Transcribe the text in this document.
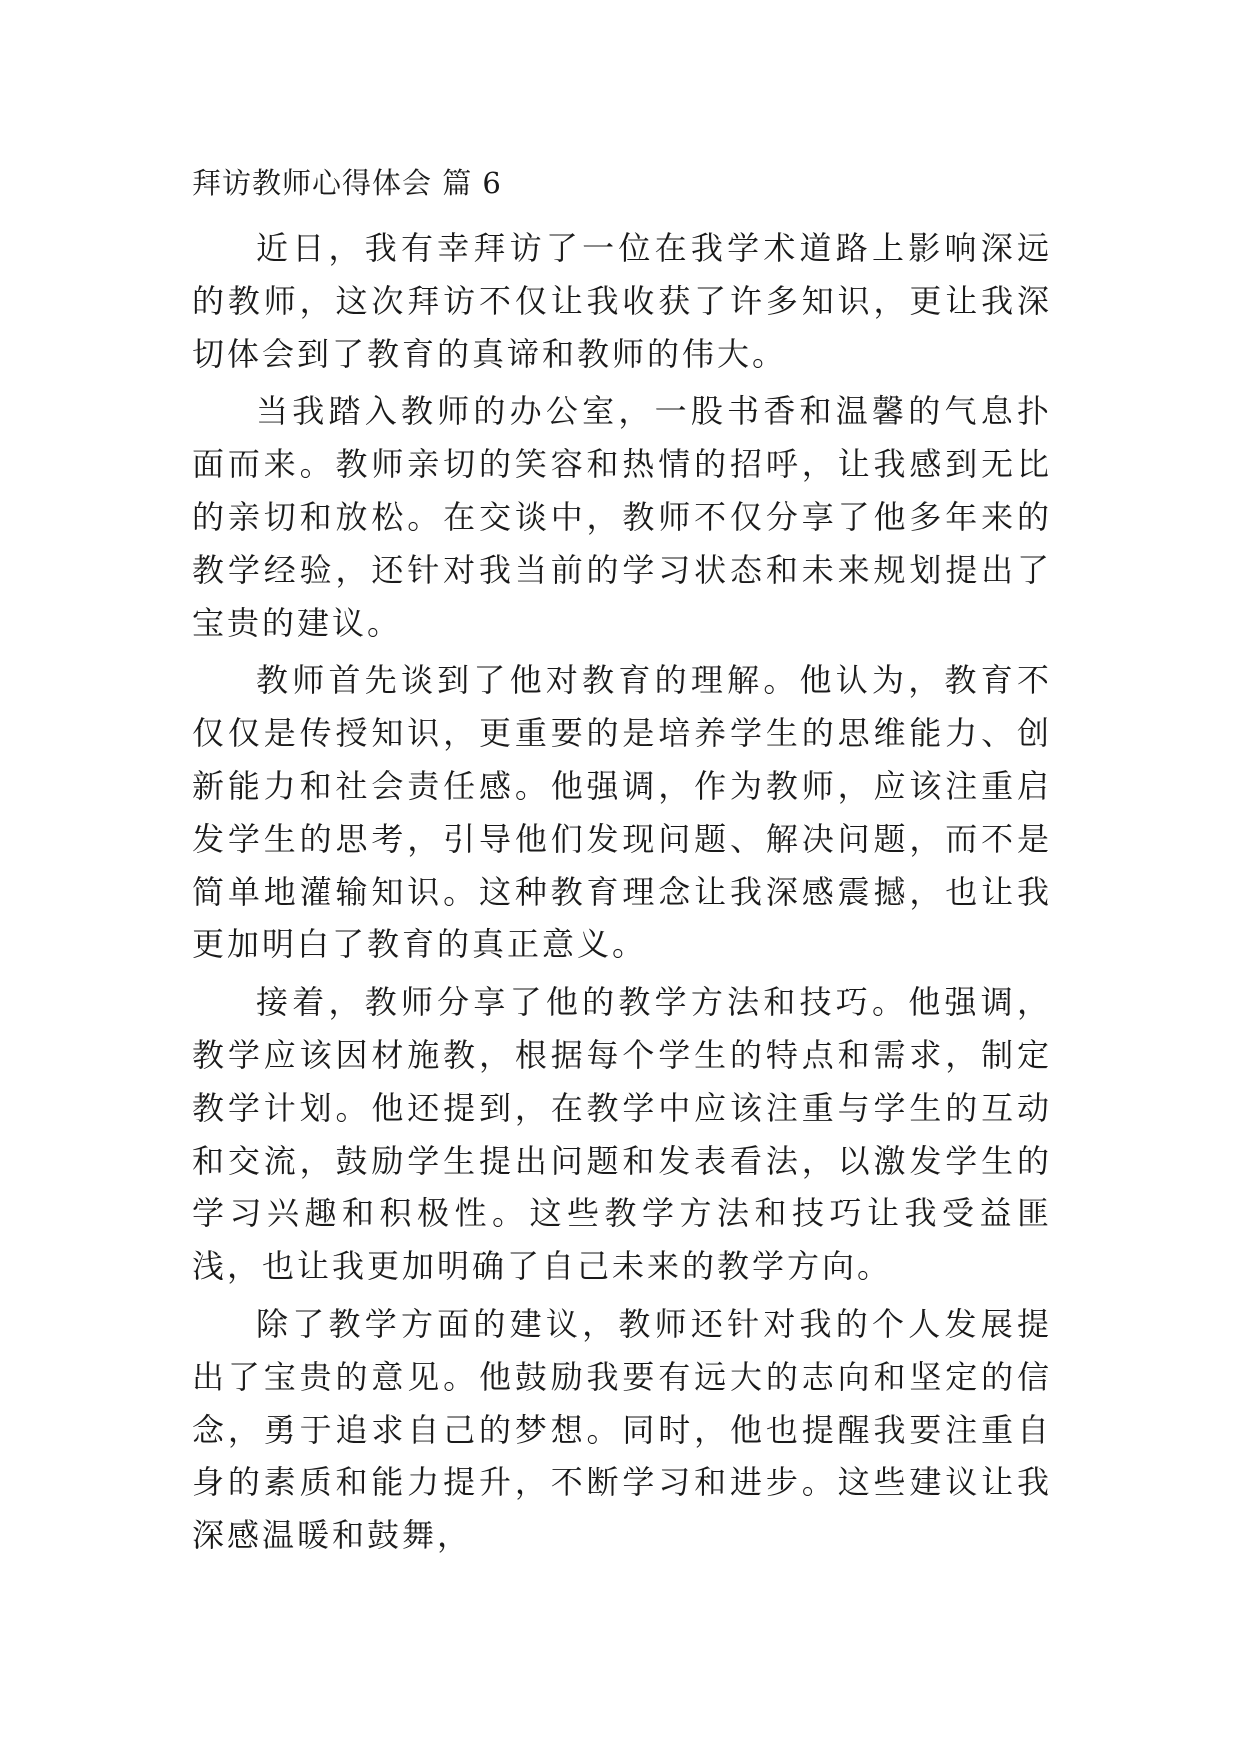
拜访教师心得体会 篇 6

近日，我有幸拜访了一位在我学术道路上影响深远的教师，这次拜访不仅让我收获了许多知识，更让我深切体会到了教育的真谛和教师的伟大。

当我踏入教师的办公室，一股书香和温馨的气息扑面而来。教师亲切的笑容和热情的招呼，让我感到无比的亲切和放松。在交谈中，教师不仅分享了他多年来的教学经验，还针对我当前的学习状态和未来规划提出了宝贵的建议。

教师首先谈到了他对教育的理解。他认为，教育不仅仅是传授知识，更重要的是培养学生的思维能力、创新能力和社会责任感。他强调，作为教师，应该注重启发学生的思考，引导他们发现问题、解决问题，而不是简单地灌输知识。这种教育理念让我深感震撼，也让我更加明白了教育的真正意义。

接着，教师分享了他的教学方法和技巧。他强调，教学应该因材施教，根据每个学生的特点和需求，制定教学计划。他还提到，在教学中应该注重与学生的互动和交流，鼓励学生提出问题和发表看法，以激发学生的学习兴趣和积极性。这些教学方法和技巧让我受益匪浅，也让我更加明确了自己未来的教学方向。

除了教学方面的建议，教师还针对我的个人发展提出了宝贵的意见。他鼓励我要有远大的志向和坚定的信念，勇于追求自己的梦想。同时，他也提醒我要注重自身的素质和能力提升，不断学习和进步。这些建议让我深感温暖和鼓舞，
